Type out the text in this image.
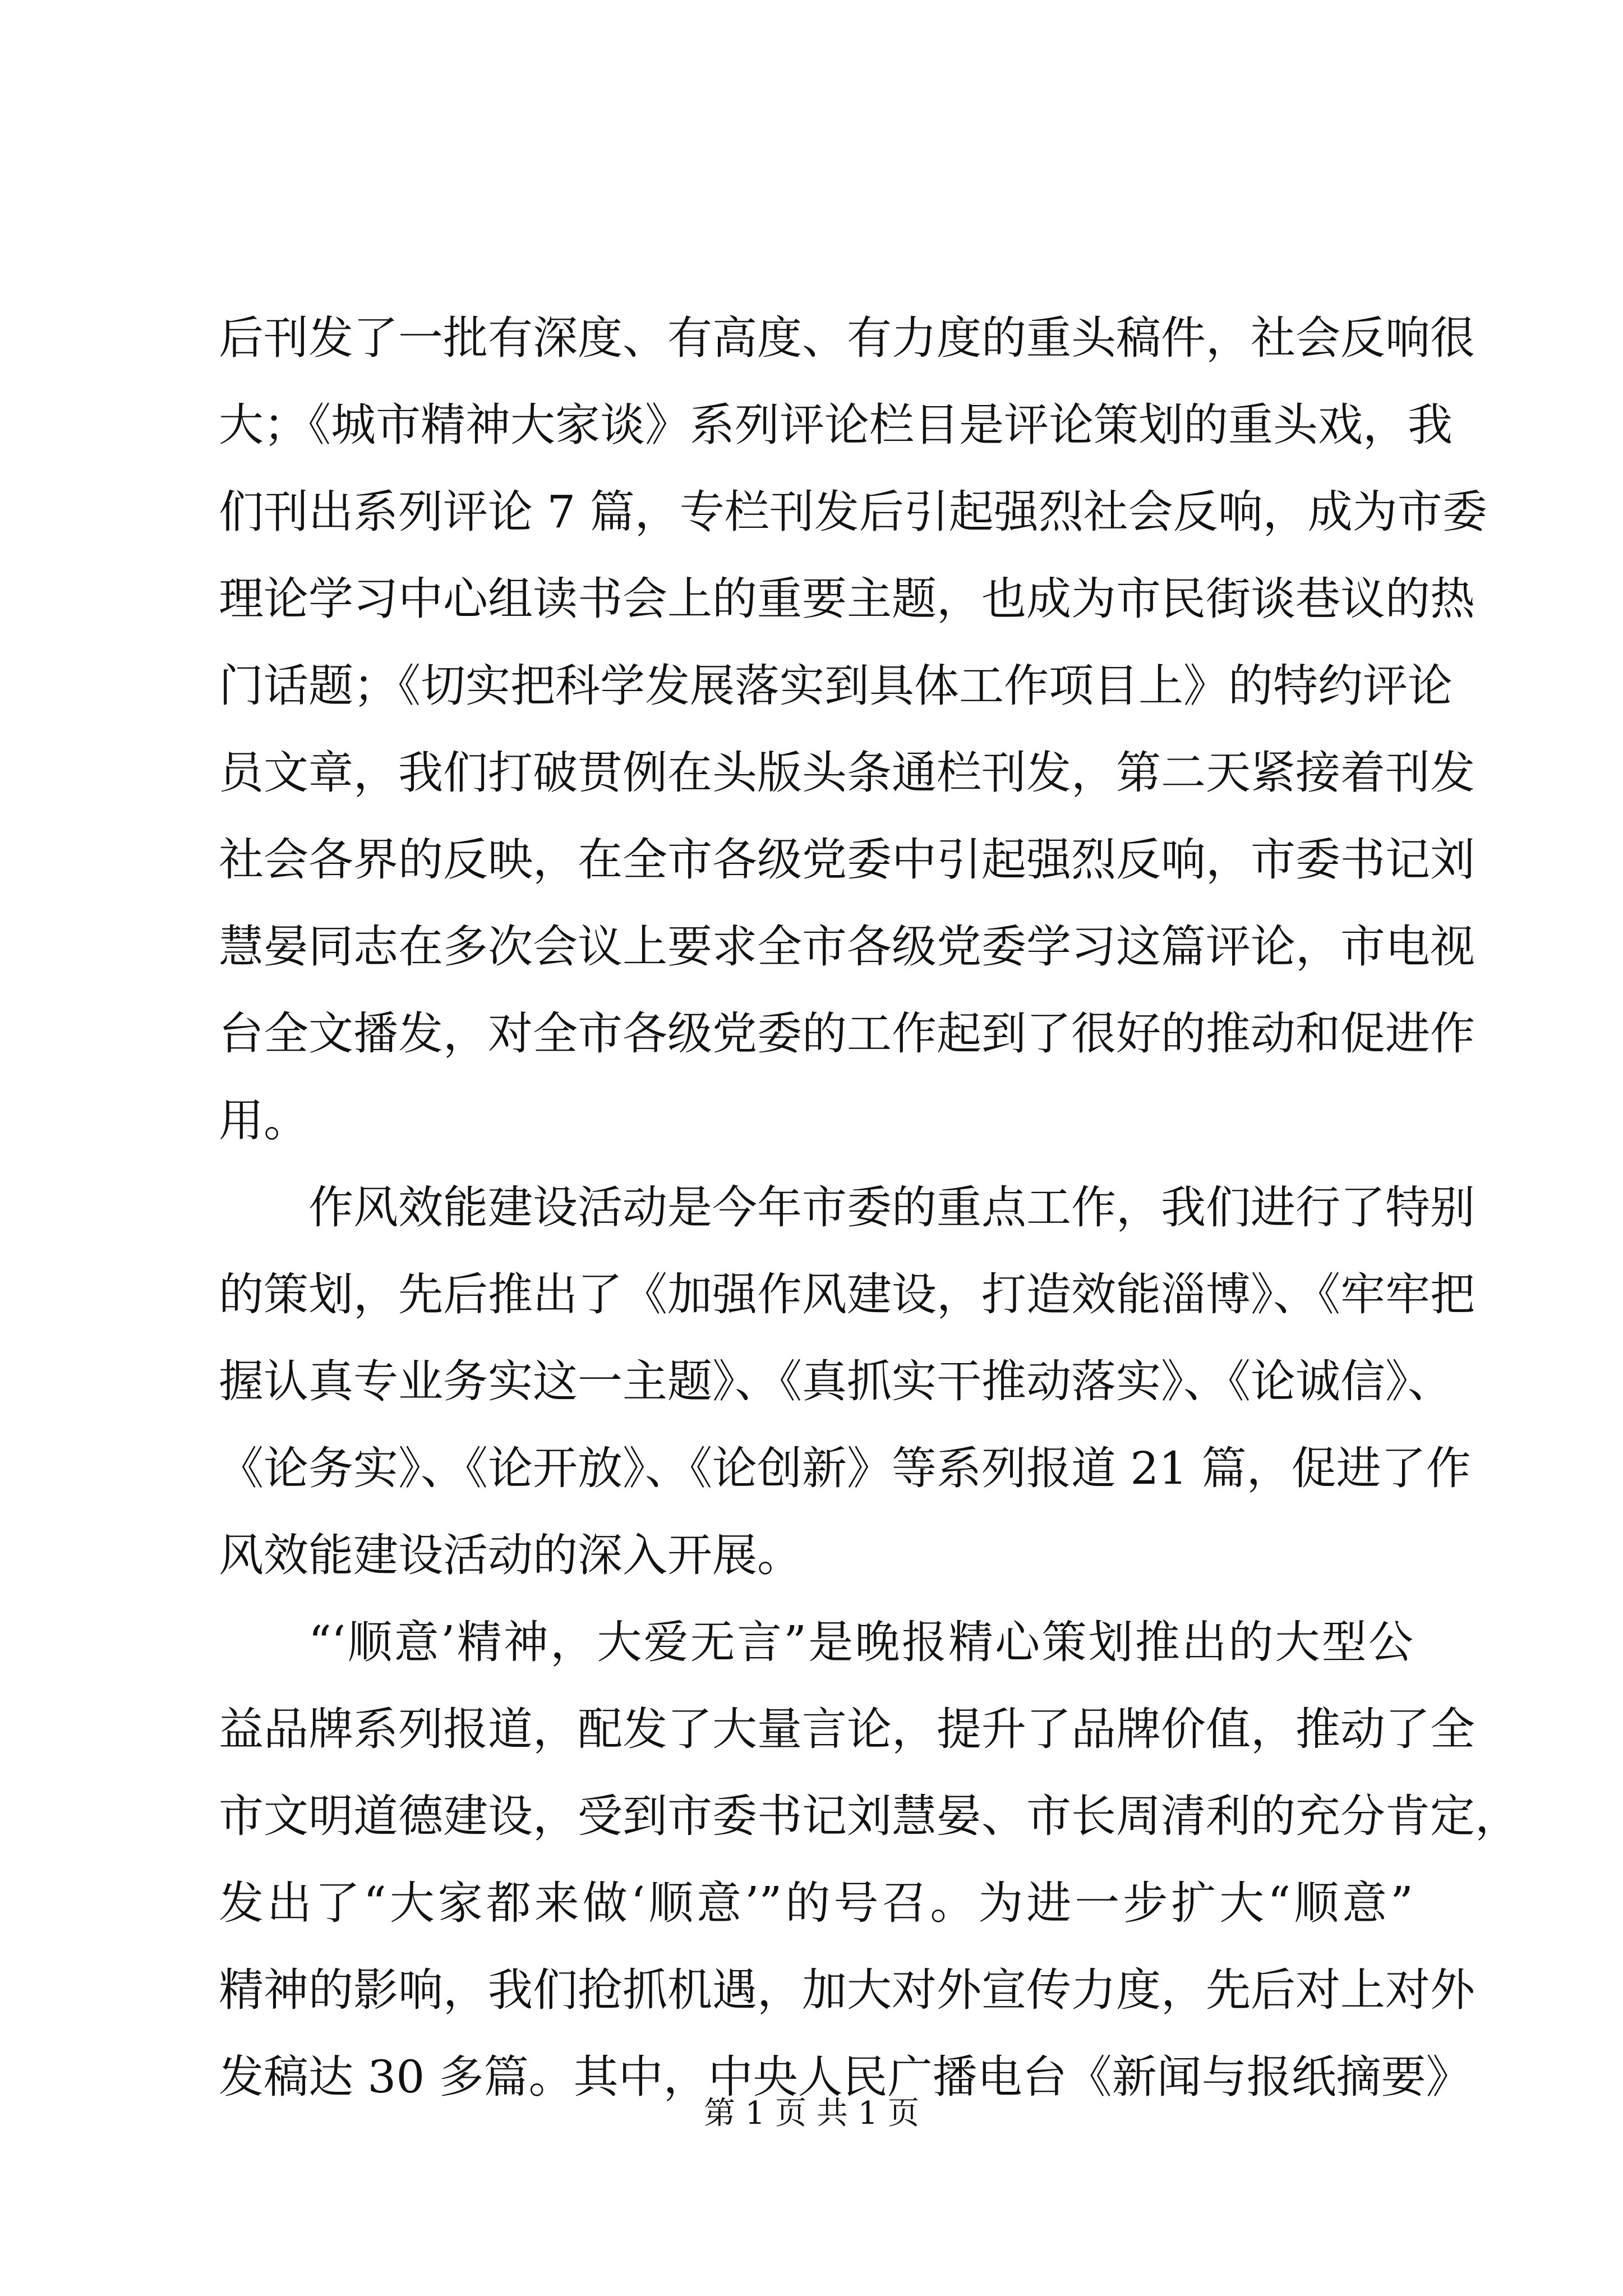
后刊发了一批有深度、有高度、有力度的重头稿件，社会反响很
大；《城市精神大家谈》系列评论栏目是评论策划的重头戏，我
们刊出系列评论 7 篇，专栏刊发后引起强烈社会反响，成为市委
理论学习中心组读书会上的重要主题，也成为市民街谈巷议的热
门话题；《切实把科学发展落实到具体工作项目上》的特约评论
员文章，我们打破贯例在头版头条通栏刊发，第二天紧接着刊发
社会各界的反映，在全市各级党委中引起强烈反响，市委书记刘
慧晏同志在多次会议上要求全市各级党委学习这篇评论，市电视
台全文播发，对全市各级党委的工作起到了很好的推动和促进作
用。
作风效能建设活动是今年市委的重点工作，我们进行了特别
的策划，先后推出了《加强作风建设，打造效能淄博》、《牢牢把
握认真专业务实这一主题》、《真抓实干推动落实》、《论诚信》、
《论务实》、《论开放》、《论创新》等系列报道 21 篇，促进了作
风效能建设活动的深入开展。
“‘顺意’精神，大爱无言”是晚报精心策划推出的大型公
益品牌系列报道，配发了大量言论，提升了品牌价值，推动了全
市文明道德建设，受到市委书记刘慧晏、市长周清利的充分肯定，
发出了“大家都来做‘顺意’”的号召。为进一步扩大“顺意”
精神的影响，我们抢抓机遇，加大对外宣传力度，先后对上对外
发稿达 30 多篇。其中，中央人民广播电台《新闻与报纸摘要》
第 1 页 共 1 页
